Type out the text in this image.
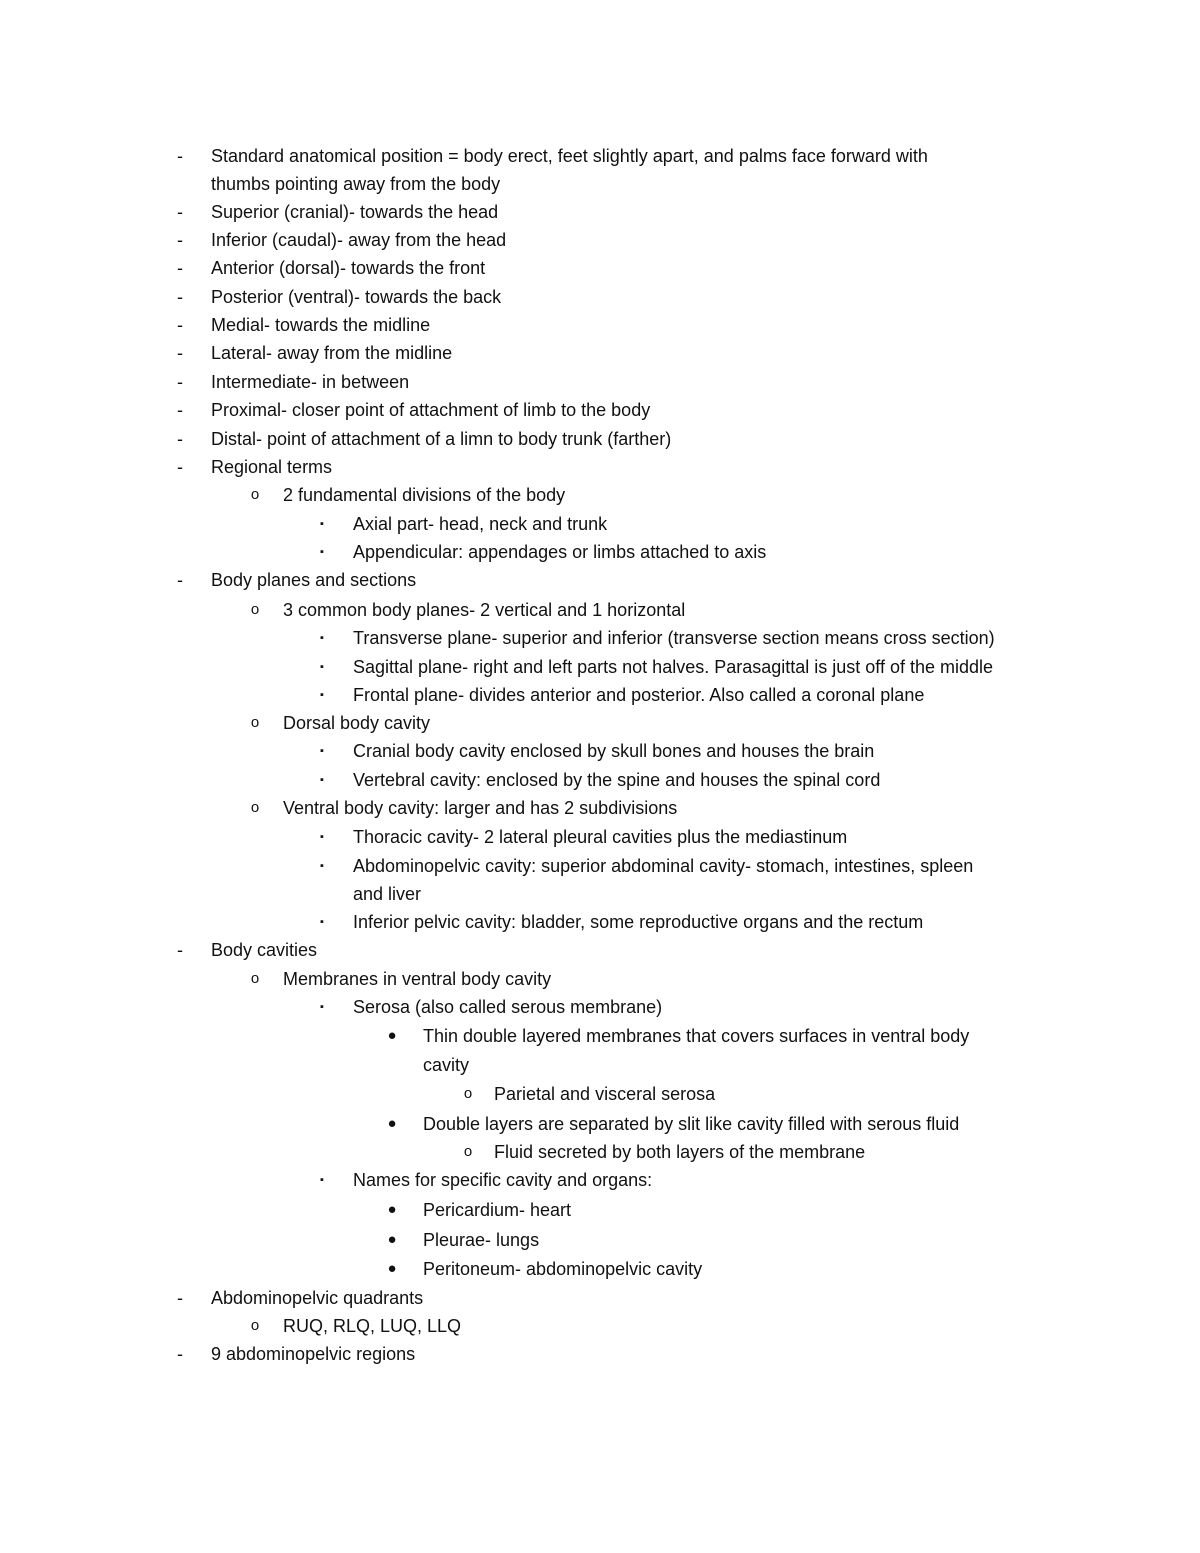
-	Standard anatomical position = body erect, feet slightly apart, and palms face forward with
thumbs pointing away from the body
-	Superior (cranial)- towards the head
-	Inferior (caudal)- away from the head
-	Anterior (dorsal)- towards the front
-	Posterior (ventral)- towards the back
-	Medial- towards the midline
-	Lateral- away from the midline
-	Intermediate- in between
-	Proximal- closer point of attachment of limb to the body
-	Distal- point of attachment of a limn to body trunk (farther)
-	Regional terms
o	2 fundamental divisions of the body
▪	Axial part- head, neck and trunk
▪	Appendicular: appendages or limbs attached to axis
-	Body planes and sections
o	3 common body planes- 2 vertical and 1 horizontal
▪	Transverse plane- superior and inferior (transverse section means cross section)
▪	Sagittal plane- right and left parts not halves. Parasagittal is just off of the middle
▪	Frontal plane- divides anterior and posterior. Also called a coronal plane
o	Dorsal body cavity
▪	Cranial body cavity enclosed by skull bones and houses the brain
▪	Vertebral cavity: enclosed by the spine and houses the spinal cord
o	Ventral body cavity: larger and has 2 subdivisions
▪	Thoracic cavity- 2 lateral pleural cavities plus the mediastinum
▪	Abdominopelvic cavity: superior abdominal cavity- stomach, intestines, spleen
and liver
▪	Inferior pelvic cavity: bladder, some reproductive organs and the rectum
-	Body cavities
o	Membranes in ventral body cavity
▪	Serosa (also called serous membrane)
●	Thin double layered membranes that covers surfaces in ventral body
cavity
o	Parietal and visceral serosa
●	Double layers are separated by slit like cavity filled with serous fluid
o	Fluid secreted by both layers of the membrane
▪	Names for specific cavity and organs:
●	Pericardium- heart
●	Pleurae- lungs
●	Peritoneum- abdominopelvic cavity
-	Abdominopelvic quadrants
o	RUQ, RLQ, LUQ, LLQ
-	9 abdominopelvic regions
